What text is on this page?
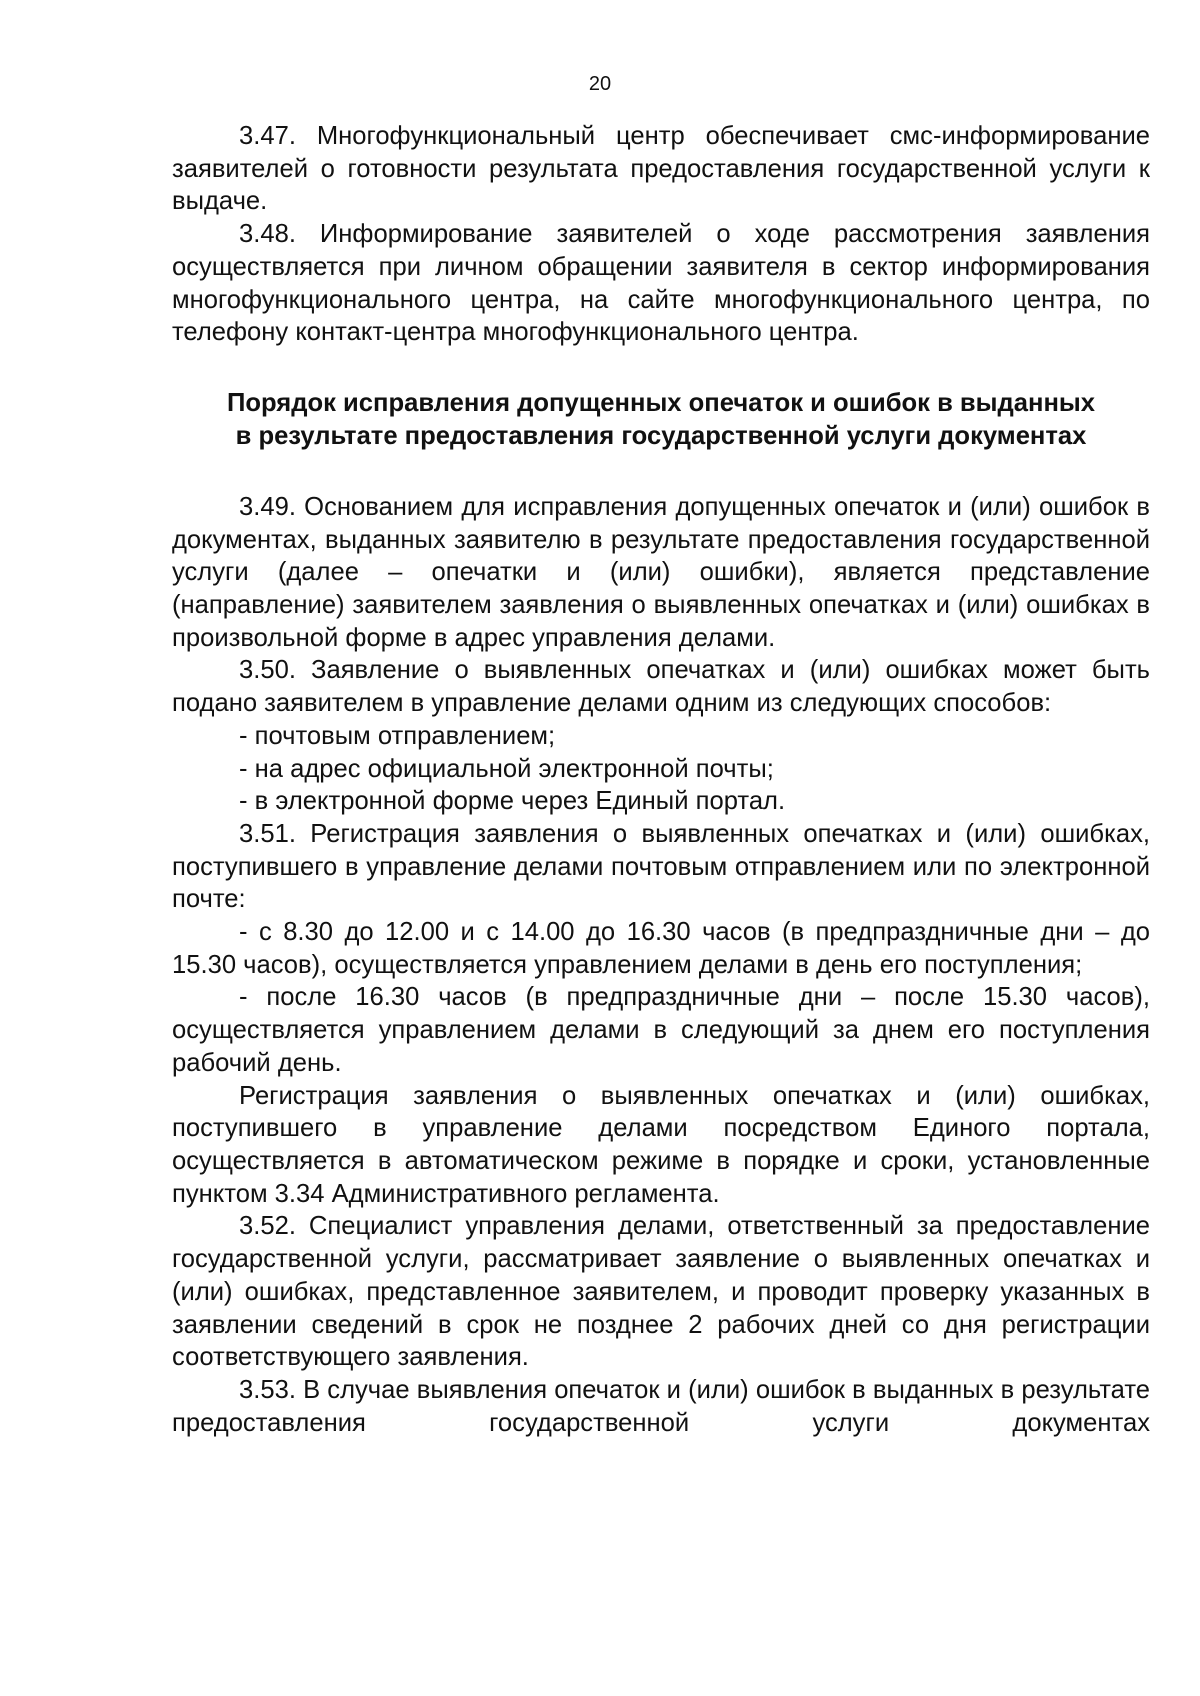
20

3.47. Многофункциональный центр обеспечивает смс-информирование заявителей о готовности результата предоставления государственной услуги к выдаче.

3.48. Информирование заявителей о ходе рассмотрения заявления осуществляется при личном обращении заявителя в сектор информирования многофункционального центра, на сайте многофункционального центра, по телефону контакт-центра многофункционального центра.

Порядок исправления допущенных опечаток и ошибок в выданных
в результате предоставления государственной услуги документах

3.49. Основанием для исправления допущенных опечаток и (или) ошибок в документах, выданных заявителю в результате предоставления государственной услуги (далее – опечатки и (или) ошибки), является представление (направление) заявителем заявления о выявленных опечатках и (или) ошибках в произвольной форме в адрес управления делами.

3.50. Заявление о выявленных опечатках и (или) ошибках может быть подано заявителем в управление делами одним из следующих способов:

- почтовым отправлением;

- на адрес официальной электронной почты;

- в электронной форме через Единый портал.

3.51. Регистрация заявления о выявленных опечатках и (или) ошибках, поступившего в управление делами почтовым отправлением или по электронной почте:

- с 8.30 до 12.00 и с 14.00 до 16.30 часов (в предпраздничные дни – до 15.30 часов), осуществляется управлением делами в день его поступления;

- после 16.30 часов (в предпраздничные дни – после 15.30 часов), осуществляется управлением делами в следующий за днем его поступления рабочий день.

Регистрация заявления о выявленных опечатках и (или) ошибках, поступившего в управление делами посредством Единого портала, осуществляется в автоматическом режиме в порядке и сроки, установленные пунктом 3.34 Административного регламента.

3.52. Специалист управления делами, ответственный за предоставление государственной услуги, рассматривает заявление о выявленных опечатках и (или) ошибках, представленное заявителем, и проводит проверку указанных в заявлении сведений в срок не позднее 2 рабочих дней со дня регистрации соответствующего заявления.

3.53. В случае выявления опечаток и (или) ошибок в выданных в результате предоставления государственной услуги документах
